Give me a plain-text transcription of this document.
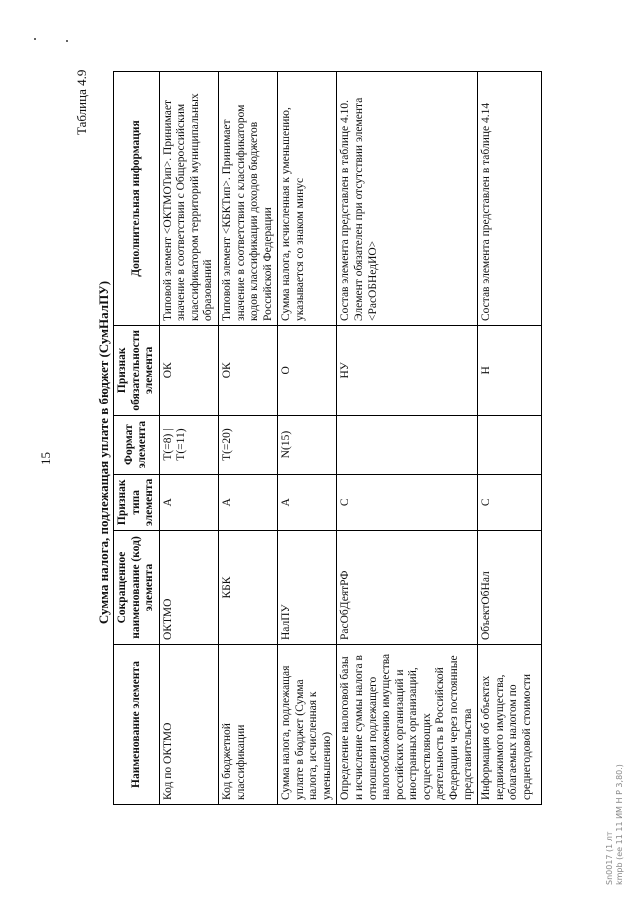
15
Таблица 4.9
Сумма налога, подлежащая уплате в бюджет (СумНалПУ)
Наименование элемента	Сокращенное наименование (код) элемента	Признак типа элемента	Формат элемента	Признак обязательности элемента	Дополнительная информация
Код по ОКТМО	ОКТМО	А	T(=8) | T(=11)	ОК	Типовой элемент <ОКТМОТип>. Принимает значение в соответствии с Общероссийским классификатором территорий муниципальных образований
Код бюджетной классификации	КБК	А	T(=20)	ОК	Типовой элемент <КБКТип>. Принимает значение в соответствии с классификатором кодов классификации доходов бюджетов Российской Федерации
Сумма налога, подлежащая уплате в бюджет (Сумма налога, исчисленная к уменьшению)	НалПУ	А	N(15)	О	Сумма налога, исчисленная к уменьшению, указывается со знаком минус
Определение налоговой базы и исчисление суммы налога в отношении подлежащего налогообложению имущества российских организаций и иностранных организаций, осуществляющих деятельность в Российской Федерации через постоянные представительства	РасОбДеятРФ	С		НУ	Состав элемента представлен в таблице 4.10. Элемент обязателен при отсутствии элемента <РасОБНедИО>
Информация об объектах недвижимого имущества, облагаемых налогом по среднегодовой стоимости	ОбъектОбНал	С		Н	Состав элемента представлен в таблице 4.14
Sn0017 (1 лт kmpb (ее 11 11 ИМ Н P 3,80.)
